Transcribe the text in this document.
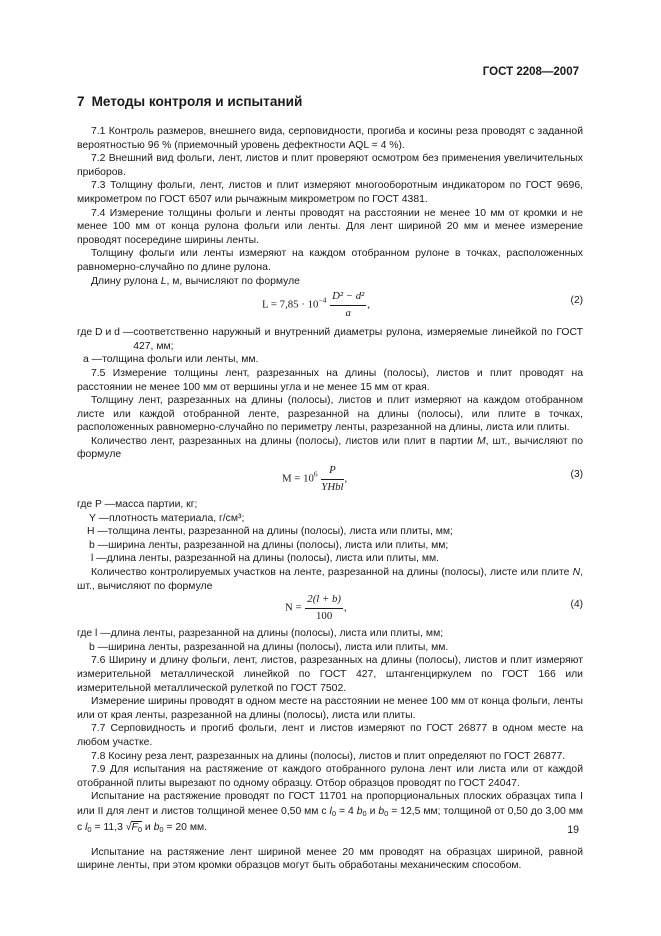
ГОСТ 2208—2007
7 Методы контроля и испытаний

7.1 Контроль размеров, внешнего вида, серповидности, прогиба и косины реза проводят с заданной вероятностью 96 % (приемочный уровень дефектности AQL = 4 %).

7.2 Внешний вид фольги, лент, листов и плит проверяют осмотром без применения увеличительных приборов.

7.3 Толщину фольги, лент, листов и плит измеряют многооборотным индикатором по ГОСТ 9696, микрометром по ГОСТ 6507 или рычажным микрометром по ГОСТ 4381.

7.4 Измерение толщины фольги и ленты проводят на расстоянии не менее 10 мм от кромки и не менее 100 мм от конца рулона фольги или ленты. Для лент шириной 20 мм и менее измерение проводят посередине ширины ленты.

Толщину фольги или ленты измеряют на каждом отобранном рулоне в точках, расположенных равномерно-случайно по длине рулона.

Длину рулона L, м, вычисляют по формуле

$L = 7,85 \cdot 10^{-4} \frac{\text{D² − d²}}{a}$ ,	(2)
где D и d — соответственно наружный и внутренний диаметры рулона, измеряемые линейкой по ГОСТ 427, мм;
a — толщина фольги или ленты, мм.

7.5 Измерение толщины лент, разрезанных на длины (полосы), листов и плит проводят на расстоянии не менее 100 мм от вершины угла и не менее 15 мм от края.

Толщину лент, разрезанных на длины (полосы), листов и плит измеряют на каждом отобранном листе или каждой отобранной ленте, разрезанной на длины (полосы), или плите в точках, расположенных равномерно-случайно по периметру ленты, разрезанной на длины, листа или плиты.

Количество лент, разрезанных на длины (полосы), листов или плит в партии M, шт., вычисляют по формуле

$M = 10^6 \frac{P}{\text{YHbl}}$ ,	(3)
где P — масса партии, кг;
Y — плотность материала, г/см³;
H — толщина ленты, разрезанной на длины (полосы), листа или плиты, мм;
b — ширина ленты, разрезанной на длины (полосы), листа или плиты, мм;
l — длина ленты, разрезанной на длины (полосы), листа или плиты, мм.

Количество контролируемых участков на ленте, разрезанной на длины (полосы), листе или плите N, шт., вычисляют по формуле

$N = \frac{2(l + b)}{100}$ ,	(4)
где l — длина ленты, разрезанной на длины (полосы), листа или плиты, мм;
b — ширина ленты, разрезанной на длины (полосы), листа или плиты, мм.

7.6 Ширину и длину фольги, лент, листов, разрезанных на длины (полосы), листов и плит измеряют измерительной металлической линейкой по ГОСТ 427, штангенциркулем по ГОСТ 166 или измерительной металлической рулеткой по ГОСТ 7502.

Измерение ширины проводят в одном месте на расстоянии не менее 100 мм от конца фольги, ленты или от края ленты, разрезанной на длины (полосы), листа или плиты.

7.7 Серповидность и прогиб фольги, лент и листов измеряют по ГОСТ 26877 в одном месте на любом участке.

7.8 Косину реза лент, разрезанных на длины (полосы), листов и плит определяют по ГОСТ 26877.

7.9 Для испытания на растяжение от каждого отобранного рулона лент или листа или от каждой отобранной плиты вырезают по одному образцу. Отбор образцов проводят по ГОСТ 24047.

Испытание на растяжение проводят по ГОСТ 11701 на пропорциональных плоских образцах типа I или II для лент и листов толщиной менее 0,50 мм с $l_0 = 4$ $b_0$ и $b_0 = 12,5$ мм; толщиной от 0,50 до 3,00 мм с $l_0 = 11,3$ $√F_0$ и $b_0 = 20$ мм.

Испытание на растяжение лент шириной менее 20 мм проводят на образцах шириной, равной ширине ленты, при этом кромки образцов могут быть обработаны механическим способом.

19
